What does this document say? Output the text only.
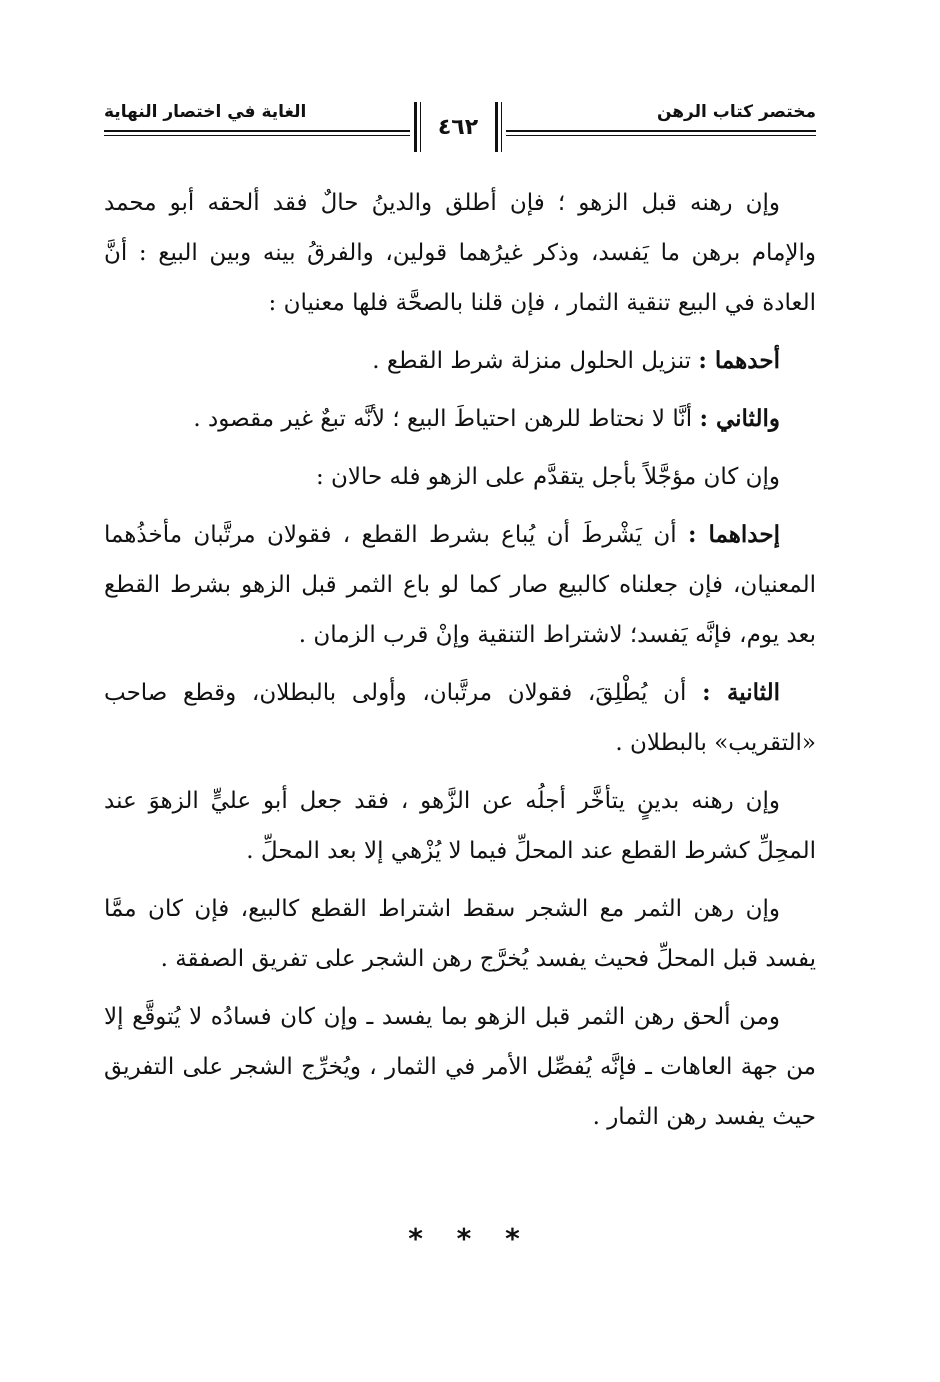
مختصر كتاب الرهن
الغاية في اختصار النهاية
٤٦٢

وإن رهنه قبل الزهو ؛ فإن أطلق والدينُ حالٌ فقد ألحقه أبو محمد والإمام برهن ما يَفسد، وذكر غيرُهما قولين، والفرقُ بينه وبين البيع : أنَّ العادة في البيع تنقية الثمار ، فإن قلنا بالصحَّة فلها معنيان :

أحدهما : تنزيل الحلول منزلة شرط القطع .

والثاني : أنَّا لا نحتاط للرهن احتياطَ البيع ؛ لأنَّه تبعٌ غير مقصود .

وإن كان مؤجَّلاً بأجل يتقدَّم على الزهو فله حالان :

إحداهما : أن يَشْرطَ أن يُباع بشرط القطع ، فقولان مرتَّبان مأخذُهما المعنيان، فإن جعلناه كالبيع صار كما لو باع الثمر قبل الزهو بشرط القطع بعد يوم، فإنَّه يَفسد؛ لاشتراط التنقية وإنْ قرب الزمان .

الثانية : أن يُطْلِقَ، فقولان مرتَّبان، وأولى بالبطلان، وقطع صاحب «التقريب» بالبطلان .

وإن رهنه بدينٍ يتأخَّر أجلُه عن الزَّهو ، فقد جعل أبو عليٍّ الزهوَ عند المحِلِّ كشرط القطع عند المحلِّ فيما لا يُزْهي إلا بعد المحلِّ .

وإن رهن الثمر مع الشجر سقط اشتراط القطع كالبيع، فإن كان ممَّا يفسد قبل المحلِّ فحيث يفسد يُخرَّج رهن الشجر على تفريق الصفقة .

ومن ألحق رهن الثمر قبل الزهو بما يفسد ـ وإن كان فسادُه لا يُتوقَّع إلا من جهة العاهات ـ فإنَّه يُفصِّل الأمر في الثمار ، ويُخرِّج الشجر على التفريق حيث يفسد رهن الثمار .

* * *
